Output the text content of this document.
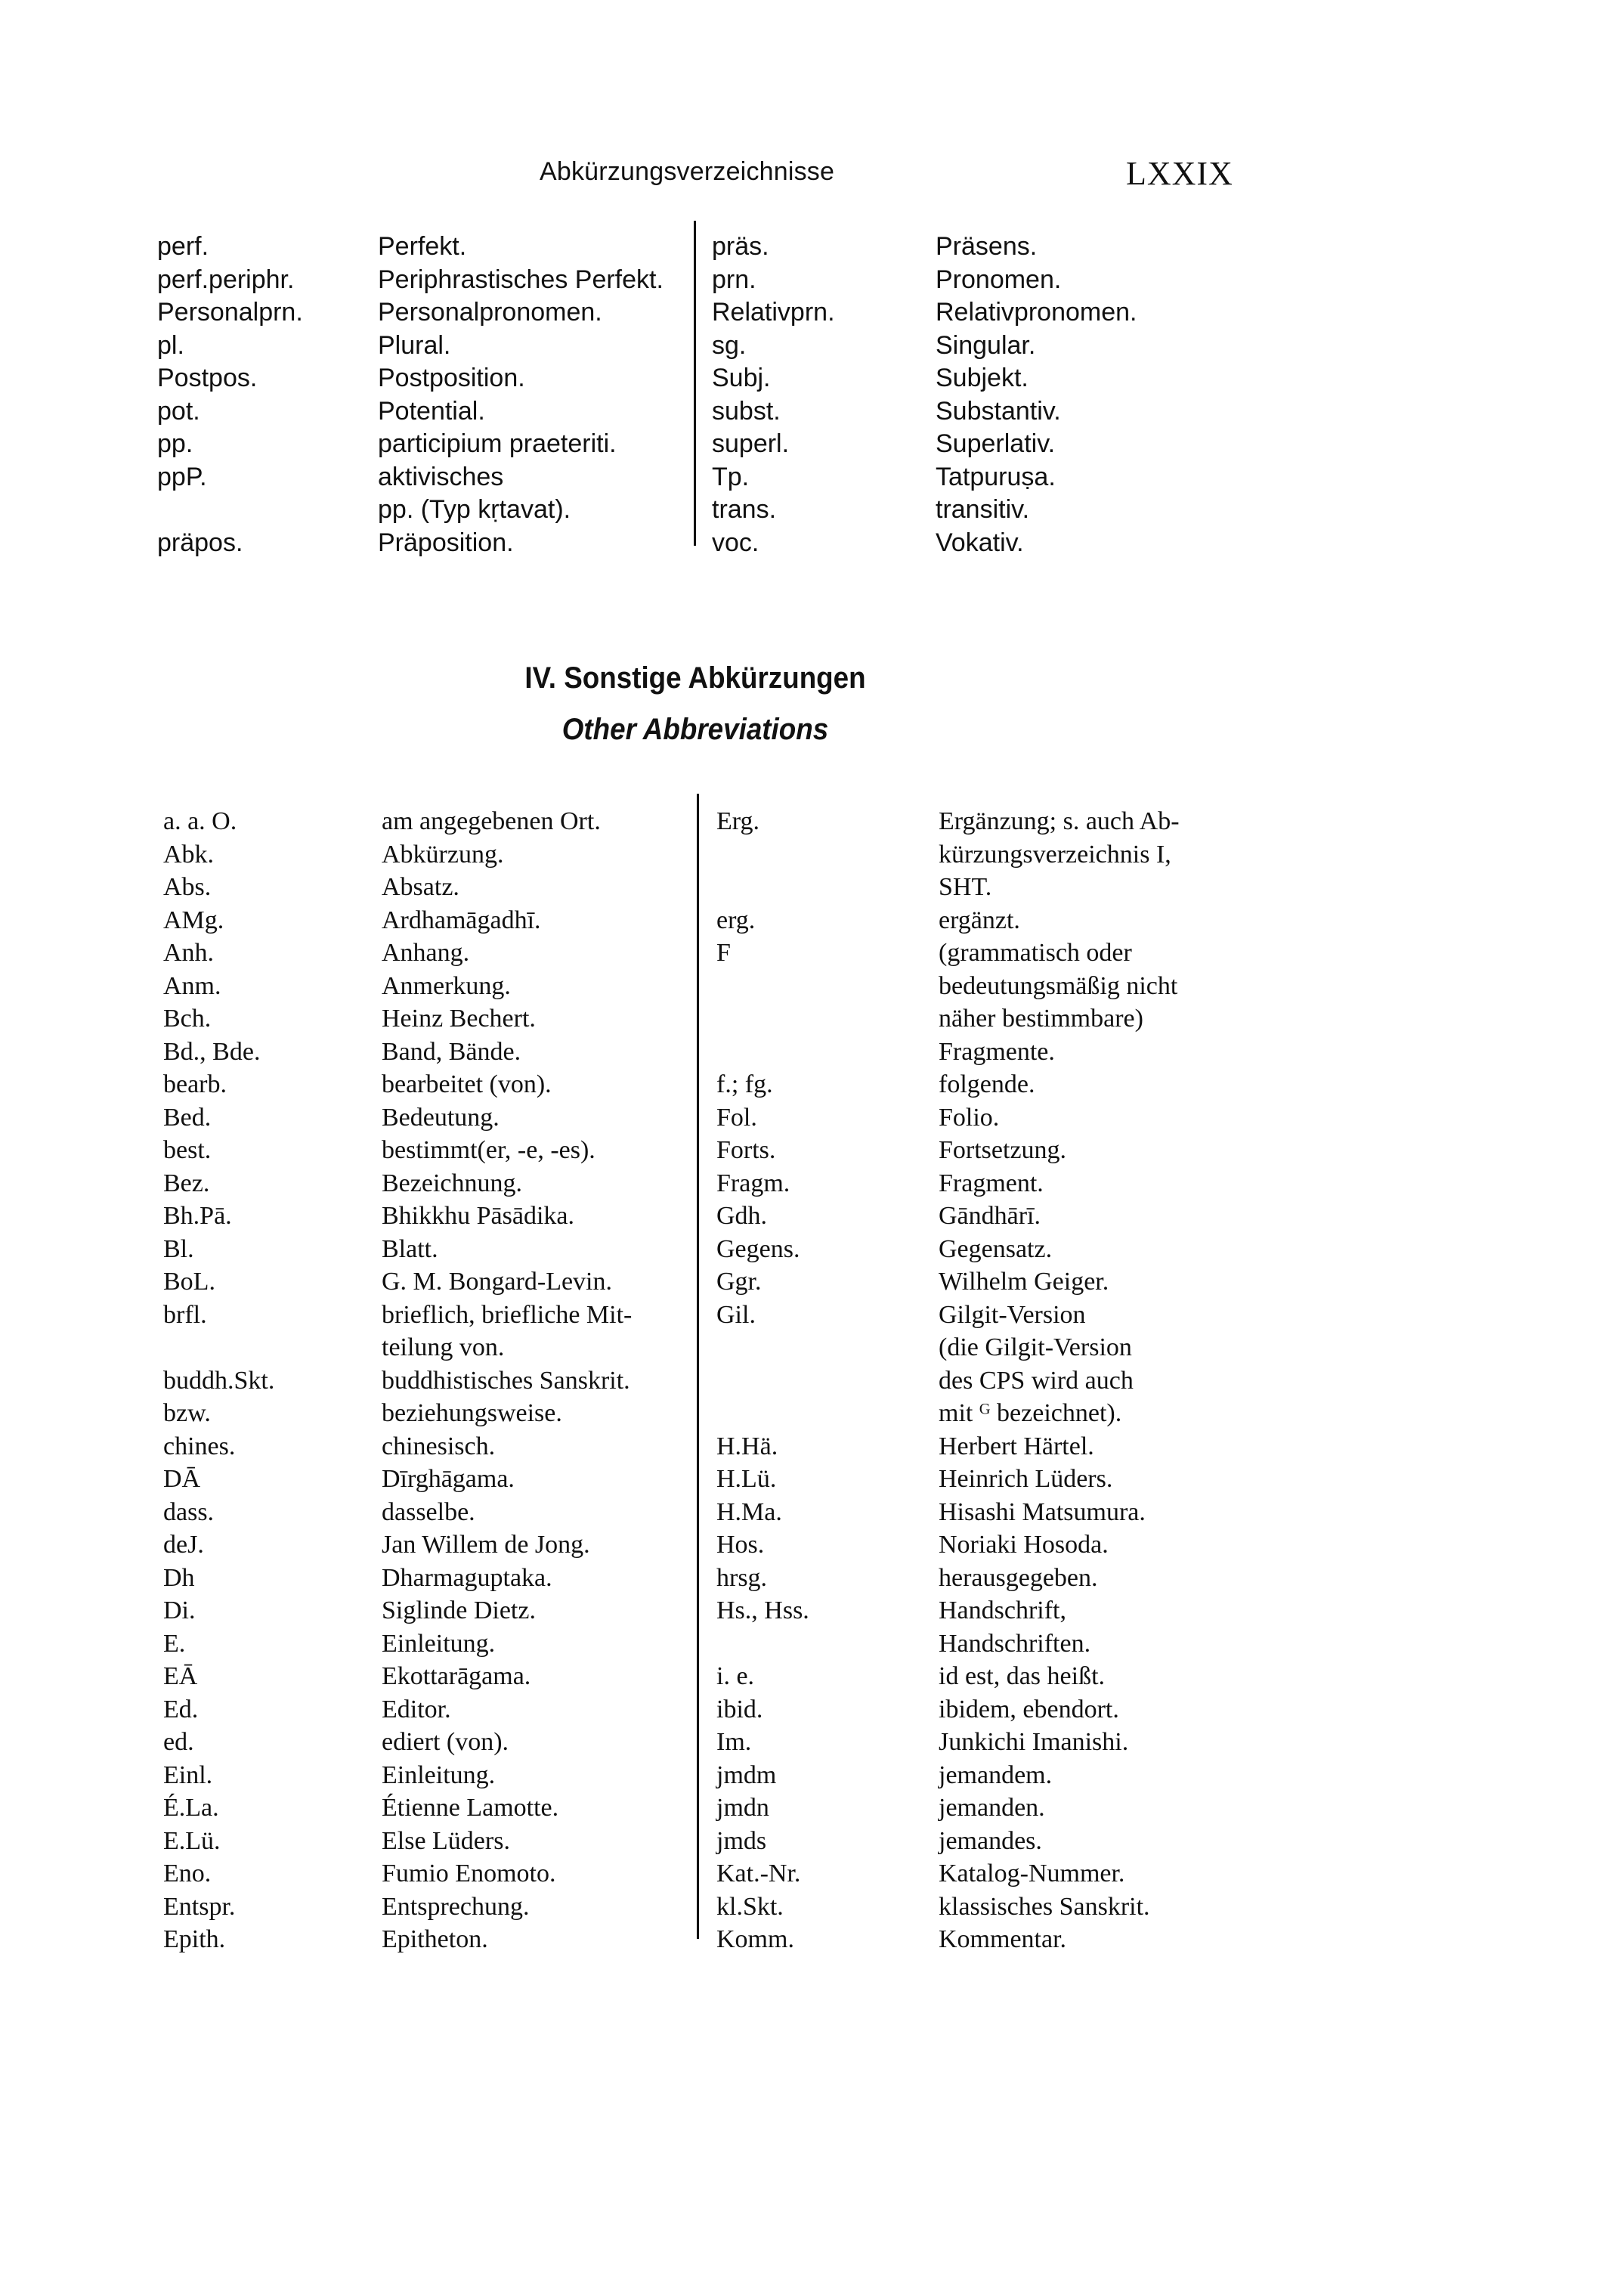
Abkürzungsverzeichnisse	LXXIX
perf.
perf.periphr.
Personalprn.
pl.
Postpos.
pot.
pp.
ppP.
präpos.
Perfekt.
Periphrastisches Perfekt.
Personalpronomen.
Plural.
Postposition.
Potential.
participium praeteriti.
aktivisches
pp. (Typ kṛtavat).
Präposition.
präs.
prn.
Relativprn.
sg.
Subj.
subst.
superl.
Tp.
trans.
voc.
Präsens.
Pronomen.
Relativpronomen.
Singular.
Subjekt.
Substantiv.
Superlativ.
Tatpuruṣa.
transitiv.
Vokativ.
IV. Sonstige Abkürzungen
Other Abbreviations
a. a. O.
Abk.
Abs.
AMg.
Anh.
Anm.
Bch.
Bd., Bde.
bearb.
Bed.
best.
Bez.
Bh.Pā.
Bl.
BoL.
brfl.
buddh.Skt.
bzw.
chines.
DĀ
dass.
deJ.
Dh
Di.
E.
EĀ
Ed.
ed.
Einl.
É.La.
E.Lü.
Eno.
Entspr.
Epith.
am angegebenen Ort.
Abkürzung.
Absatz.
Ardhamāgadhī.
Anhang.
Anmerkung.
Heinz Bechert.
Band, Bände.
bearbeitet (von).
Bedeutung.
bestimmt(er, -e, -es).
Bezeichnung.
Bhikkhu Pāsādika.
Blatt.
G. M. Bongard-Levin.
brieflich, briefliche Mit-
teilung von.
buddhistisches Sanskrit.
beziehungsweise.
chinesisch.
Dīrghāgama.
dasselbe.
Jan Willem de Jong.
Dharmaguptaka.
Siglinde Dietz.
Einleitung.
Ekottarāgama.
Editor.
ediert (von).
Einleitung.
Étienne Lamotte.
Else Lüders.
Fumio Enomoto.
Entsprechung.
Epitheton.
Erg.
erg.
F
f.; fg.
Fol.
Forts.
Fragm.
Gdh.
Gegens.
Ggr.
Gil.
H.Hä.
H.Lü.
H.Ma.
Hos.
hrsg.
Hs., Hss.
i. e.
ibid.
Im.
jmdm
jmdn
jmds
Kat.-Nr.
kl.Skt.
Komm.
Ergänzung; s. auch Ab-
kürzungsverzeichnis I,
SHT.
ergänzt.
(grammatisch oder
bedeutungsmäßig nicht
näher bestimmbare)
Fragmente.
folgende.
Folio.
Fortsetzung.
Fragment.
Gāndhārī.
Gegensatz.
Wilhelm Geiger.
Gilgit-Version
(die Gilgit-Version
des CPS wird auch
mit ᴳ bezeichnet).
Herbert Härtel.
Heinrich Lüders.
Hisashi Matsumura.
Noriaki Hosoda.
herausgegeben.
Handschrift,
Handschriften.
id est, das heißt.
ibidem, ebendort.
Junkichi Imanishi.
jemandem.
jemanden.
jemandes.
Katalog-Nummer.
klassisches Sanskrit.
Kommentar.
